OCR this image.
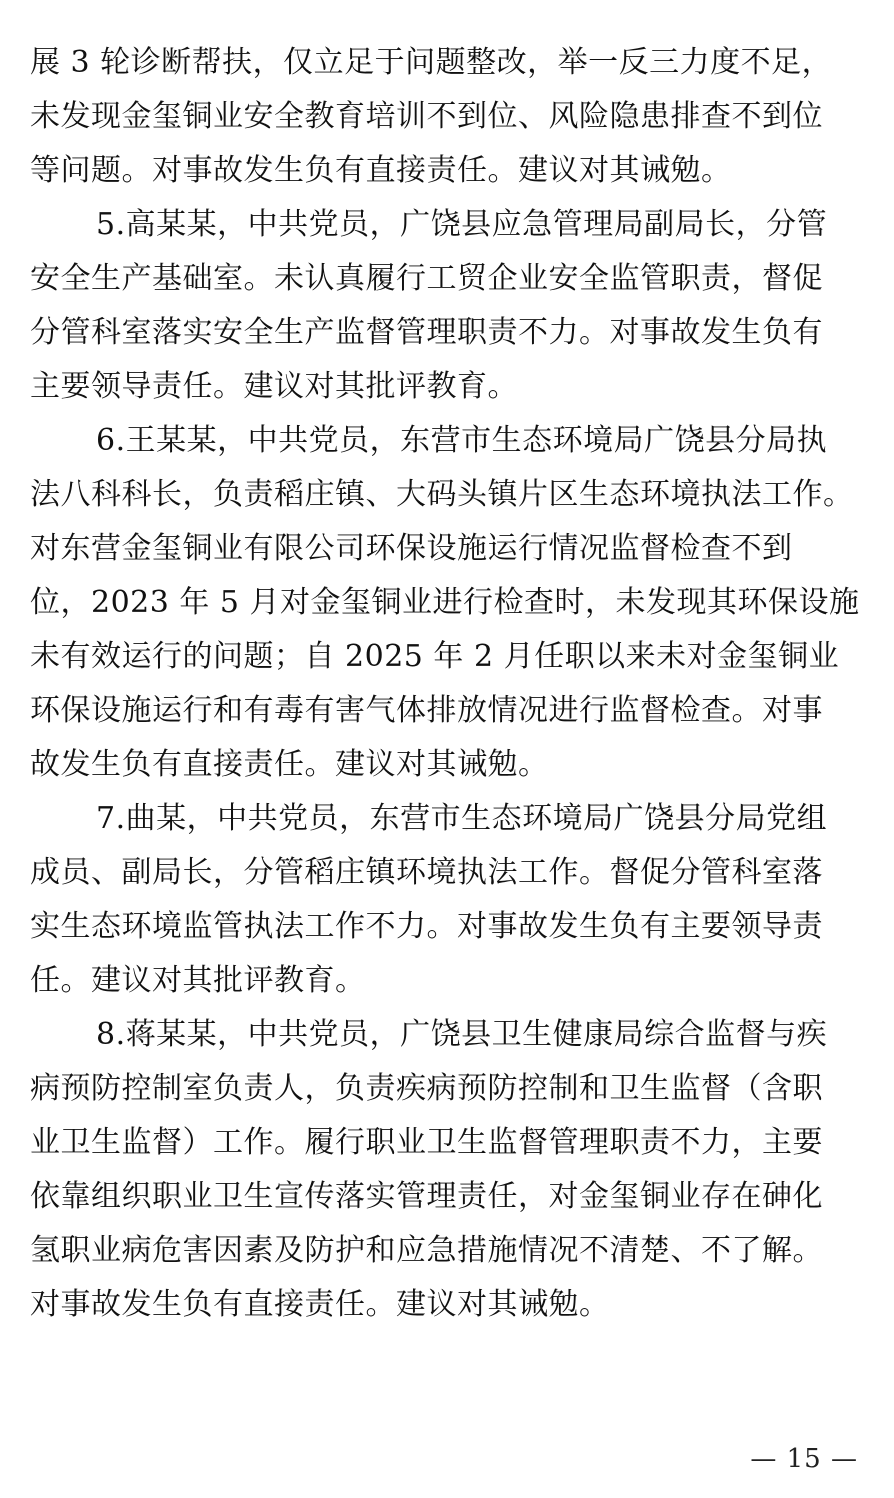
展 3 轮诊断帮扶，仅立足于问题整改，举一反三力度不足，
未发现金玺铜业安全教育培训不到位、风险隐患排查不到位
等问题。对事故发生负有直接责任。建议对其诫勉。
5.高某某，中共党员，广饶县应急管理局副局长，分管
安全生产基础室。未认真履行工贸企业安全监管职责，督促
分管科室落实安全生产监督管理职责不力。对事故发生负有
主要领导责任。建议对其批评教育。
6.王某某，中共党员，东营市生态环境局广饶县分局执
法八科科长，负责稻庄镇、大码头镇片区生态环境执法工作。
对东营金玺铜业有限公司环保设施运行情况监督检查不到
位，2023 年 5 月对金玺铜业进行检查时，未发现其环保设施
未有效运行的问题；自 2025 年 2 月任职以来未对金玺铜业
环保设施运行和有毒有害气体排放情况进行监督检查。对事
故发生负有直接责任。建议对其诫勉。
7.曲某，中共党员，东营市生态环境局广饶县分局党组
成员、副局长，分管稻庄镇环境执法工作。督促分管科室落
实生态环境监管执法工作不力。对事故发生负有主要领导责
任。建议对其批评教育。
8.蒋某某，中共党员，广饶县卫生健康局综合监督与疾
病预防控制室负责人，负责疾病预防控制和卫生监督（含职
业卫生监督）工作。履行职业卫生监督管理职责不力，主要
依靠组织职业卫生宣传落实管理责任，对金玺铜业存在砷化
氢职业病危害因素及防护和应急措施情况不清楚、不了解。
对事故发生负有直接责任。建议对其诫勉。
— 15 —
